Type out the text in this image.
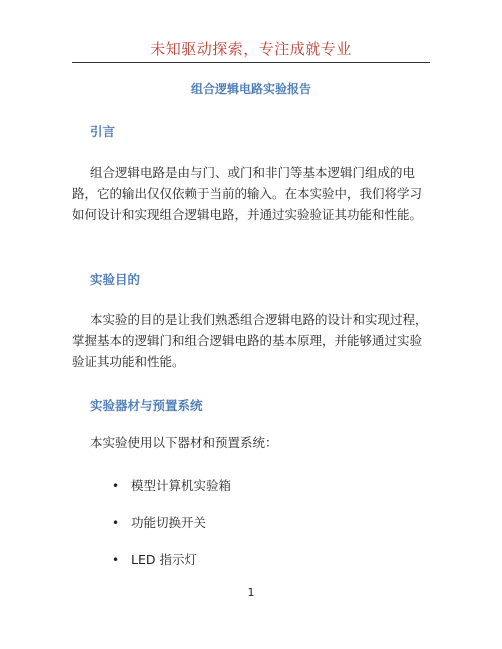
未知驱动探索，专注成就专业
组合逻辑电路实验报告
引言

组合逻辑电路是由与门、或门和非门等基本逻辑门组成的电路，它的输出仅仅依赖于当前的输入。在本实验中，我们将学习如何设计和实现组合逻辑电路，并通过实验验证其功能和性能。

实验目的

本实验的目的是让我们熟悉组合逻辑电路的设计和实现过程，掌握基本的逻辑门和组合逻辑电路的基本原理，并能够通过实验验证其功能和性能。

实验器材与预置系统

本实验使用以下器材和预置系统：

• 模型计算机实验箱
• 功能切换开关
• LED 指示灯
1
